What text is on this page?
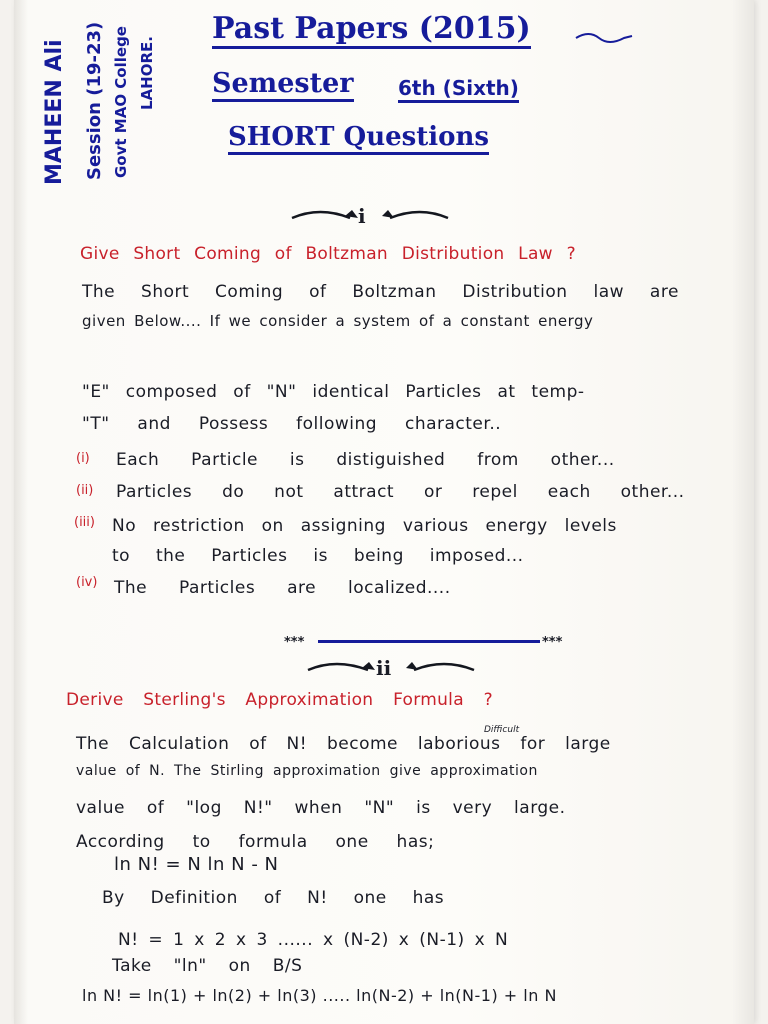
MAHEEN Ali Session (19-23) Govt MAO College LAHORE.
Past Papers (2015)
Semester 6th (Sixth)
SHORT Questions
i
Give Short Coming of Boltzman Distribution Law ?
The Short Coming of Boltzman Distribution law are
given Below.... If we consider a system of a constant energy
"E" composed of "N" identical Particles at temp-
"T" and Possess following character..
(i) Each Particle is distiguished from other...
(ii) Particles do not attract or repel each other...
(iii) No restriction on assigning various energy levels
to the Particles is being imposed...
(iv) The Particles are localized....
***	***
ii
Derive Sterling's Approximation Formula ?
Difficult
The Calculation of N! become laborious for large
value of N. The Stirling approximation give approximation
value of "log N!" when "N" is very large.
According to formula one has;
ln N! = N ln N - N
By Definition of N! one has
N! = 1 x 2 x 3 ...... x (N-2) x (N-1) x N
Take "ln" on B/S
ln N! = ln(1) + ln(2) + ln(3) ..... ln(N-2) + ln(N-1) + ln N
